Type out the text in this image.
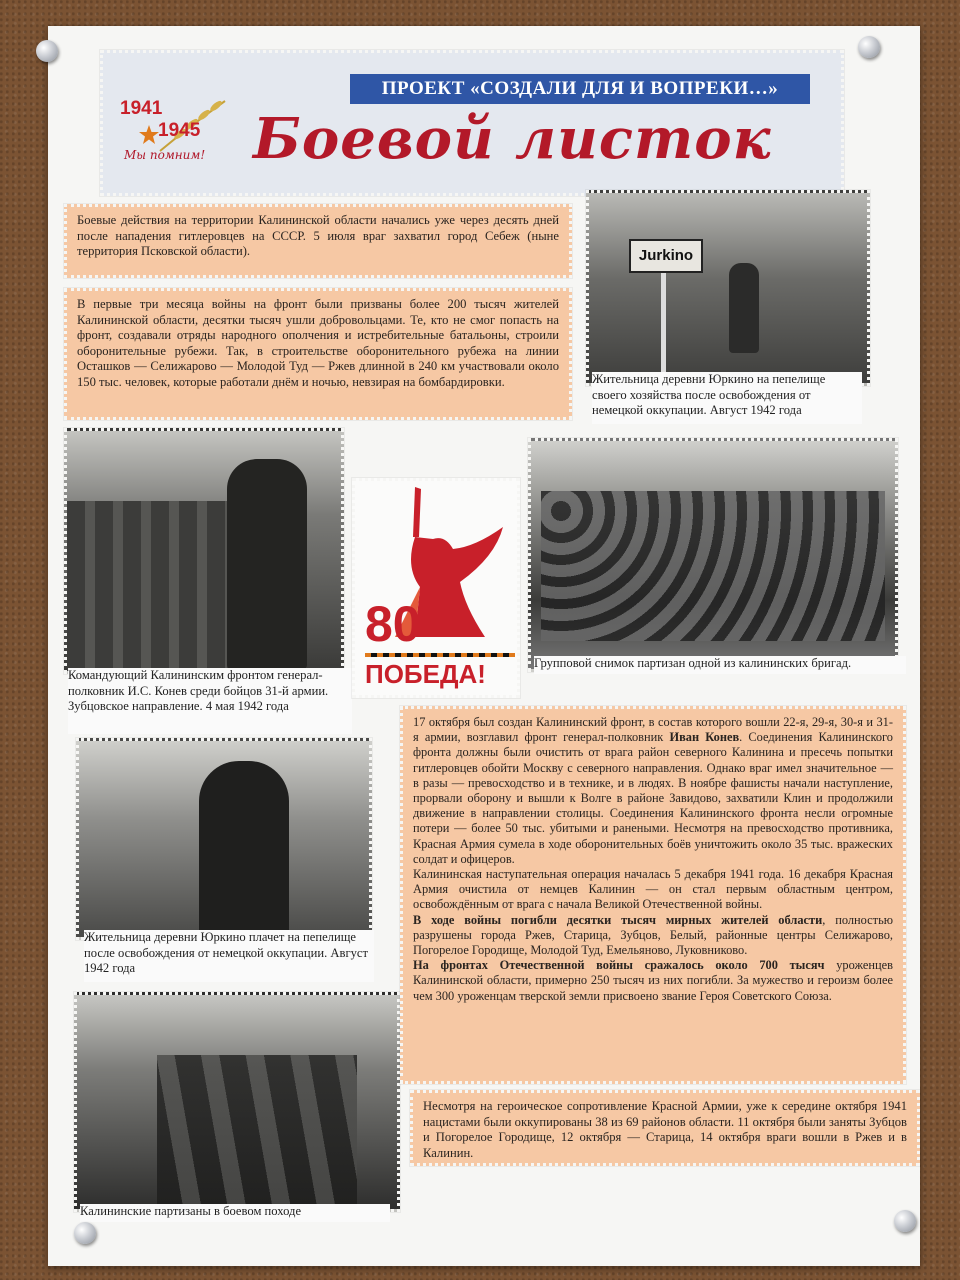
ПРОЕКТ «СОЗДАЛИ ДЛЯ И ВОПРЕКИ…»
1941
1945
Мы помним! Боевой листок

Боевые действия на территории Калининской области начались уже через десять дней после нападения гитлеровцев на СССР. 5 июля враг захватил город Себеж (ныне территория Псковской области).

В первые три месяца войны на фронт были призваны более 200 тысяч жителей Калининской области, десятки тысяч ушли добровольцами. Те, кто не смог попасть на фронт, создавали отряды народного ополчения и истребительные батальоны, строили оборонительные рубежи. Так, в строительстве оборонительного рубежа на линии Осташков — Селижарово — Молодой Туд — Ржев длинной в 240 км участвовали около 150 тыс. человек, которые работали днём и ночью, невзирая на бомбардировки.

Jurkino
Жительница деревни Юркино на пепелище своего хозяйства после освобождения от немецкой оккупации. Август 1942 года
Командующий Калининским фронтом генерал-полковник И.С. Конев среди бойцов 31-й армии. Зубцовское направление. 4 мая 1942 года
80
ПОБЕДА!	Групповой снимок партизан одной из калининских бригад.
Жительница деревни Юркино плачет на пепелище после освобождения от немецкой оккупации. Август 1942 года
Калининские партизаны в боевом походе

17 октября был создан Калининский фронт, в состав которого вошли 22-я, 29-я, 30-я и 31-я армии, возглавил фронт генерал-полковник Иван Конев. Соединения Калининского фронта должны были очистить от врага район северного Калинина и пресечь попытки гитлеровцев обойти Москву с северного направления. Однако враг имел значительное — в разы — превосходство и в технике, и в людях. В ноябре фашисты начали наступление, прорвали оборону и вышли к Волге в районе Завидово, захватили Клин и продолжили движение в направлении столицы. Соединения Калининского фронта несли огромные потери — более 50 тыс. убитыми и ранеными. Несмотря на превосходство противника, Красная Армия сумела в ходе оборонительных боёв уничтожить около 35 тыс. вражеских солдат и офицеров.

Калининская наступательная операция началась 5 декабря 1941 года. 16 декабря Красная Армия очистила от немцев Калинин — он стал первым областным центром, освобождённым от врага с начала Великой Отечественной войны.

В ходе войны погибли десятки тысяч мирных жителей области, полностью разрушены города Ржев, Старица, Зубцов, Белый, районные центры Селижарово, Погорелое Городище, Молодой Туд, Емельяново, Луковниково.

На фронтах Отечественной войны сражалось около 700 тысяч уроженцев Калининской области, примерно 250 тысяч из них погибли. За мужество и героизм более чем 300 уроженцам тверской земли присвоено звание Героя Советского Союза.

Несмотря на героическое сопротивление Красной Армии, уже к середине октября 1941 нацистами были оккупированы 38 из 69 районов области. 11 октября были заняты Зубцов и Погорелое Городище, 12 октября — Старица, 14 октября враги вошли в Ржев и в Калинин.
